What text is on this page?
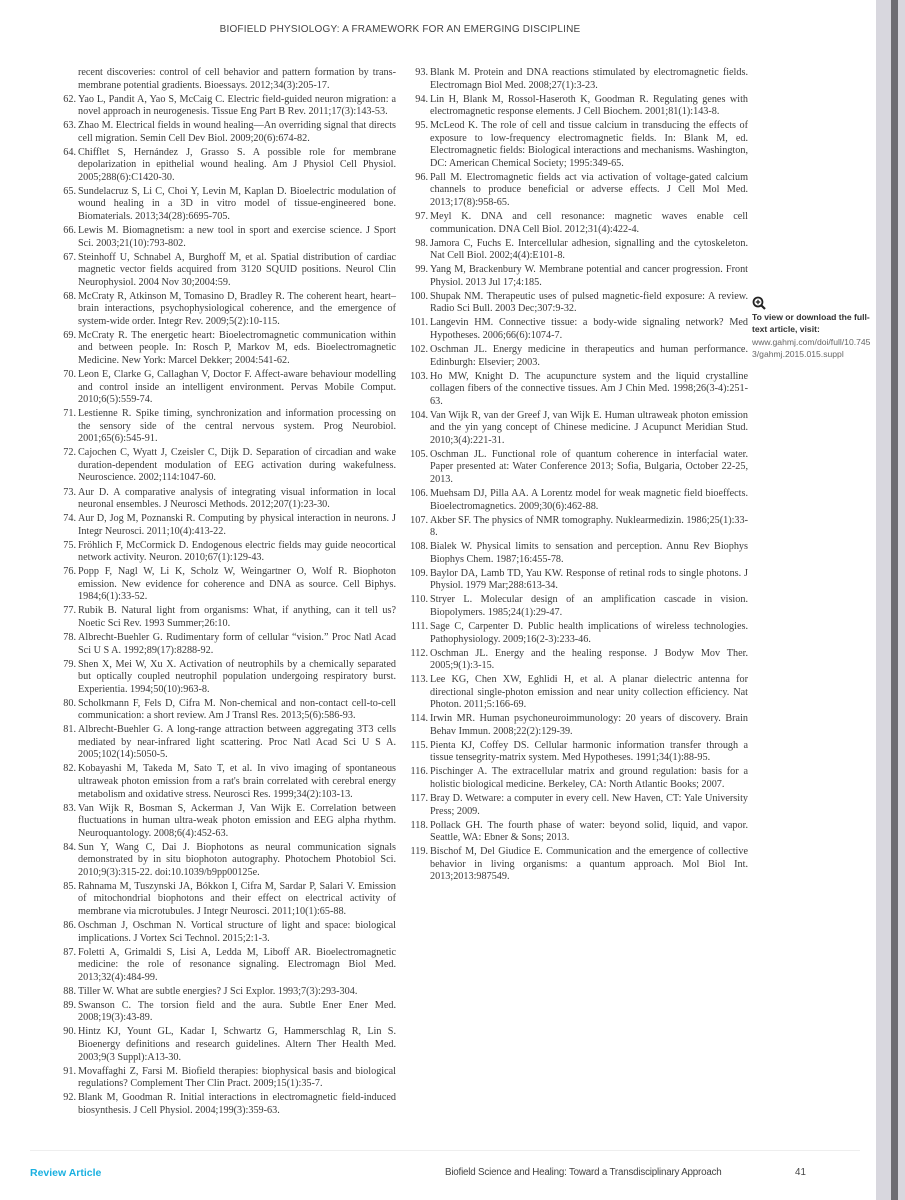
BIOFIELD PHYSIOLOGY: A FRAMEWORK FOR AN EMERGING DISCIPLINE
recent discoveries: control of cell behavior and pattern formation by trans-membrane potential gradients. Bioessays. 2012;34(3):205-17.
62. Yao L, Pandit A, Yao S, McCaig C. Electric field-guided neuron migration: a novel approach in neurogenesis. Tissue Eng Part B Rev. 2011;17(3):143-53.
63. Zhao M. Electrical fields in wound healing—An overriding signal that directs cell migration. Semin Cell Dev Biol. 2009;20(6):674-82.
64. Chifflet S, Hernández J, Grasso S. A possible role for membrane depolarization in epithelial wound healing. Am J Physiol Cell Physiol. 2005;288(6):C1420-30.
65. Sundelacruz S, Li C, Choi Y, Levin M, Kaplan D. Bioelectric modulation of wound healing in a 3D in vitro model of tissue-engineered bone. Biomaterials. 2013;34(28):6695-705.
66. Lewis M. Biomagnetism: a new tool in sport and exercise science. J Sport Sci. 2003;21(10):793-802.
67. Steinhoff U, Schnabel A, Burghoff M, et al. Spatial distribution of cardiac magnetic vector fields acquired from 3120 SQUID positions. Neurol Clin Neurophysiol. 2004 Nov 30;2004:59.
68. McCraty R, Atkinson M, Tomasino D, Bradley R. The coherent heart, heart–brain interactions, psychophysiological coherence, and the emergence of system-wide order. Integr Rev. 2009;5(2):10-115.
69. McCraty R. The energetic heart: Bioelectromagnetic communication within and between people. In: Rosch P, Markov M, eds. Bioelectromagnetic Medicine. New York: Marcel Dekker; 2004:541-62.
70. Leon E, Clarke G, Callaghan V, Doctor F. Affect-aware behaviour modelling and control inside an intelligent environment. Pervas Mobile Comput. 2010;6(5):559-74.
71. Lestienne R. Spike timing, synchronization and information processing on the sensory side of the central nervous system. Prog Neurobiol. 2001;65(6):545-91.
72. Cajochen C, Wyatt J, Czeisler C, Dijk D. Separation of circadian and wake duration-dependent modulation of EEG activation during wakefulness. Neuroscience. 2002;114:1047-60.
73. Aur D. A comparative analysis of integrating visual information in local neuronal ensembles. J Neurosci Methods. 2012;207(1):23-30.
74. Aur D, Jog M, Poznanski R. Computing by physical interaction in neurons. J Integr Neurosci. 2011;10(4):413-22.
75. Fröhlich F, McCormick D. Endogenous electric fields may guide neocortical network activity. Neuron. 2010;67(1):129-43.
76. Popp F, Nagl W, Li K, Scholz W, Weingartner O, Wolf R. Biophoton emission. New evidence for coherence and DNA as source. Cell Biphys. 1984;6(1):33-52.
77. Rubik B. Natural light from organisms: What, if anything, can it tell us? Noetic Sci Rev. 1993 Summer;26:10.
78. Albrecht-Buehler G. Rudimentary form of cellular “vision.” Proc Natl Acad Sci U S A. 1992;89(17):8288-92.
79. Shen X, Mei W, Xu X. Activation of neutrophils by a chemically separated but optically coupled neutrophil population undergoing respiratory burst. Experientia. 1994;50(10):963-8.
80. Scholkmann F, Fels D, Cifra M. Non-chemical and non-contact cell-to-cell communication: a short review. Am J Transl Res. 2013;5(6):586-93.
81. Albrecht-Buehler G. A long-range attraction between aggregating 3T3 cells mediated by near-infrared light scattering. Proc Natl Acad Sci U S A. 2005;102(14):5050-5.
82. Kobayashi M, Takeda M, Sato T, et al. In vivo imaging of spontaneous ultraweak photon emission from a rat's brain correlated with cerebral energy metabolism and oxidative stress. Neurosci Res. 1999;34(2):103-13.
83. Van Wijk R, Bosman S, Ackerman J, Van Wijk E. Correlation between fluctuations in human ultra-weak photon emission and EEG alpha rhythm. Neuroquantology. 2008;6(4):452-63.
84. Sun Y, Wang C, Dai J. Biophotons as neural communication signals demonstrated by in situ biophoton autography. Photochem Photobiol Sci. 2010;9(3):315-22. doi:10.1039/b9pp00125e.
85. Rahnama M, Tuszynski JA, Bókkon I, Cifra M, Sardar P, Salari V. Emission of mitochondrial biophotons and their effect on electrical activity of membrane via microtubules. J Integr Neurosci. 2011;10(1):65-88.
86. Oschman J, Oschman N. Vortical structure of light and space: biological implications. J Vortex Sci Technol. 2015;2:1-3.
87. Foletti A, Grimaldi S, Lisi A, Ledda M, Liboff AR. Bioelectromagnetic medicine: the role of resonance signaling. Electromagn Biol Med. 2013;32(4):484-99.
88. Tiller W. What are subtle energies? J Sci Explor. 1993;7(3):293-304.
89. Swanson C. The torsion field and the aura. Subtle Ener Ener Med. 2008;19(3):43-89.
90. Hintz KJ, Yount GL, Kadar I, Schwartz G, Hammerschlag R, Lin S. Bioenergy definitions and research guidelines. Altern Ther Health Med. 2003;9(3 Suppl):A13-30.
91. Movaffaghi Z, Farsi M. Biofield therapies: biophysical basis and biological regulations? Complement Ther Clin Pract. 2009;15(1):35-7.
92. Blank M, Goodman R. Initial interactions in electromagnetic field-induced biosynthesis. J Cell Physiol. 2004;199(3):359-63.
93. Blank M. Protein and DNA reactions stimulated by electromagnetic fields. Electromagn Biol Med. 2008;27(1):3-23.
94. Lin H, Blank M, Rossol-Haseroth K, Goodman R. Regulating genes with electromagnetic response elements. J Cell Biochem. 2001;81(1):143-8.
95. McLeod K. The role of cell and tissue calcium in transducing the effects of exposure to low-frequency electromagnetic fields. In: Blank M, ed. Electromagnetic fields: Biological interactions and mechanisms. Washington, DC: American Chemical Society; 1995:349-65.
96. Pall M. Electromagnetic fields act via activation of voltage-gated calcium channels to produce beneficial or adverse effects. J Cell Mol Med. 2013;17(8):958-65.
97. Meyl K. DNA and cell resonance: magnetic waves enable cell communication. DNA Cell Biol. 2012;31(4):422-4.
98. Jamora C, Fuchs E. Intercellular adhesion, signalling and the cytoskeleton. Nat Cell Biol. 2002;4(4):E101-8.
99. Yang M, Brackenbury W. Membrane potential and cancer progression. Front Physiol. 2013 Jul 17;4:185.
100. Shupak NM. Therapeutic uses of pulsed magnetic-field exposure: A review. Radio Sci Bull. 2003 Dec;307:9-32.
101. Langevin HM. Connective tissue: a body-wide signaling network? Med Hypotheses. 2006;66(6):1074-7.
102. Oschman JL. Energy medicine in therapeutics and human performance. Edinburgh: Elsevier; 2003.
103. Ho MW, Knight D. The acupuncture system and the liquid crystalline collagen fibers of the connective tissues. Am J Chin Med. 1998;26(3-4):251-63.
104. Van Wijk R, van der Greef J, van Wijk E. Human ultraweak photon emission and the yin yang concept of Chinese medicine. J Acupunct Meridian Stud. 2010;3(4):221-31.
105. Oschman JL. Functional role of quantum coherence in interfacial water. Paper presented at: Water Conference 2013; Sofia, Bulgaria, October 22-25, 2013.
106. Muehsam DJ, Pilla AA. A Lorentz model for weak magnetic field bioeffects. Bioelectromagnetics. 2009;30(6):462-88.
107. Akber SF. The physics of NMR tomography. Nuklearmedizin. 1986;25(1):33-8.
108. Bialek W. Physical limits to sensation and perception. Annu Rev Biophys Biophys Chem. 1987;16:455-78.
109. Baylor DA, Lamb TD, Yau KW. Response of retinal rods to single photons. J Physiol. 1979 Mar;288:613-34.
110. Stryer L. Molecular design of an amplification cascade in vision. Biopolymers. 1985;24(1):29-47.
111. Sage C, Carpenter D. Public health implications of wireless technologies. Pathophysiology. 2009;16(2-3):233-46.
112. Oschman JL. Energy and the healing response. J Bodyw Mov Ther. 2005;9(1):3-15.
113. Lee KG, Chen XW, Eghlidi H, et al. A planar dielectric antenna for directional single-photon emission and near unity collection efficiency. Nat Photon. 2011;5:166-69.
114. Irwin MR. Human psychoneuroimmunology: 20 years of discovery. Brain Behav Immun. 2008;22(2):129-39.
115. Pienta KJ, Coffey DS. Cellular harmonic information transfer through a tissue tensegrity-matrix system. Med Hypotheses. 1991;34(1):88-95.
116. Pischinger A. The extracellular matrix and ground regulation: basis for a holistic biological medicine. Berkeley, CA: North Atlantic Books; 2007.
117. Bray D. Wetware: a computer in every cell. New Haven, CT: Yale University Press; 2009.
118. Pollack GH. The fourth phase of water: beyond solid, liquid, and vapor. Seattle, WA: Ebner & Sons; 2013.
119. Bischof M, Del Giudice E. Communication and the emergence of collective behavior in living organisms: a quantum approach. Mol Biol Int. 2013;2013:987549.
To view or download the full-text article, visit:
www.gahmj.com/doi/full/10.7453/gahmj.2015.015.suppl
Review Article	Biofield Science and Healing: Toward a Transdisciplinary Approach	41
